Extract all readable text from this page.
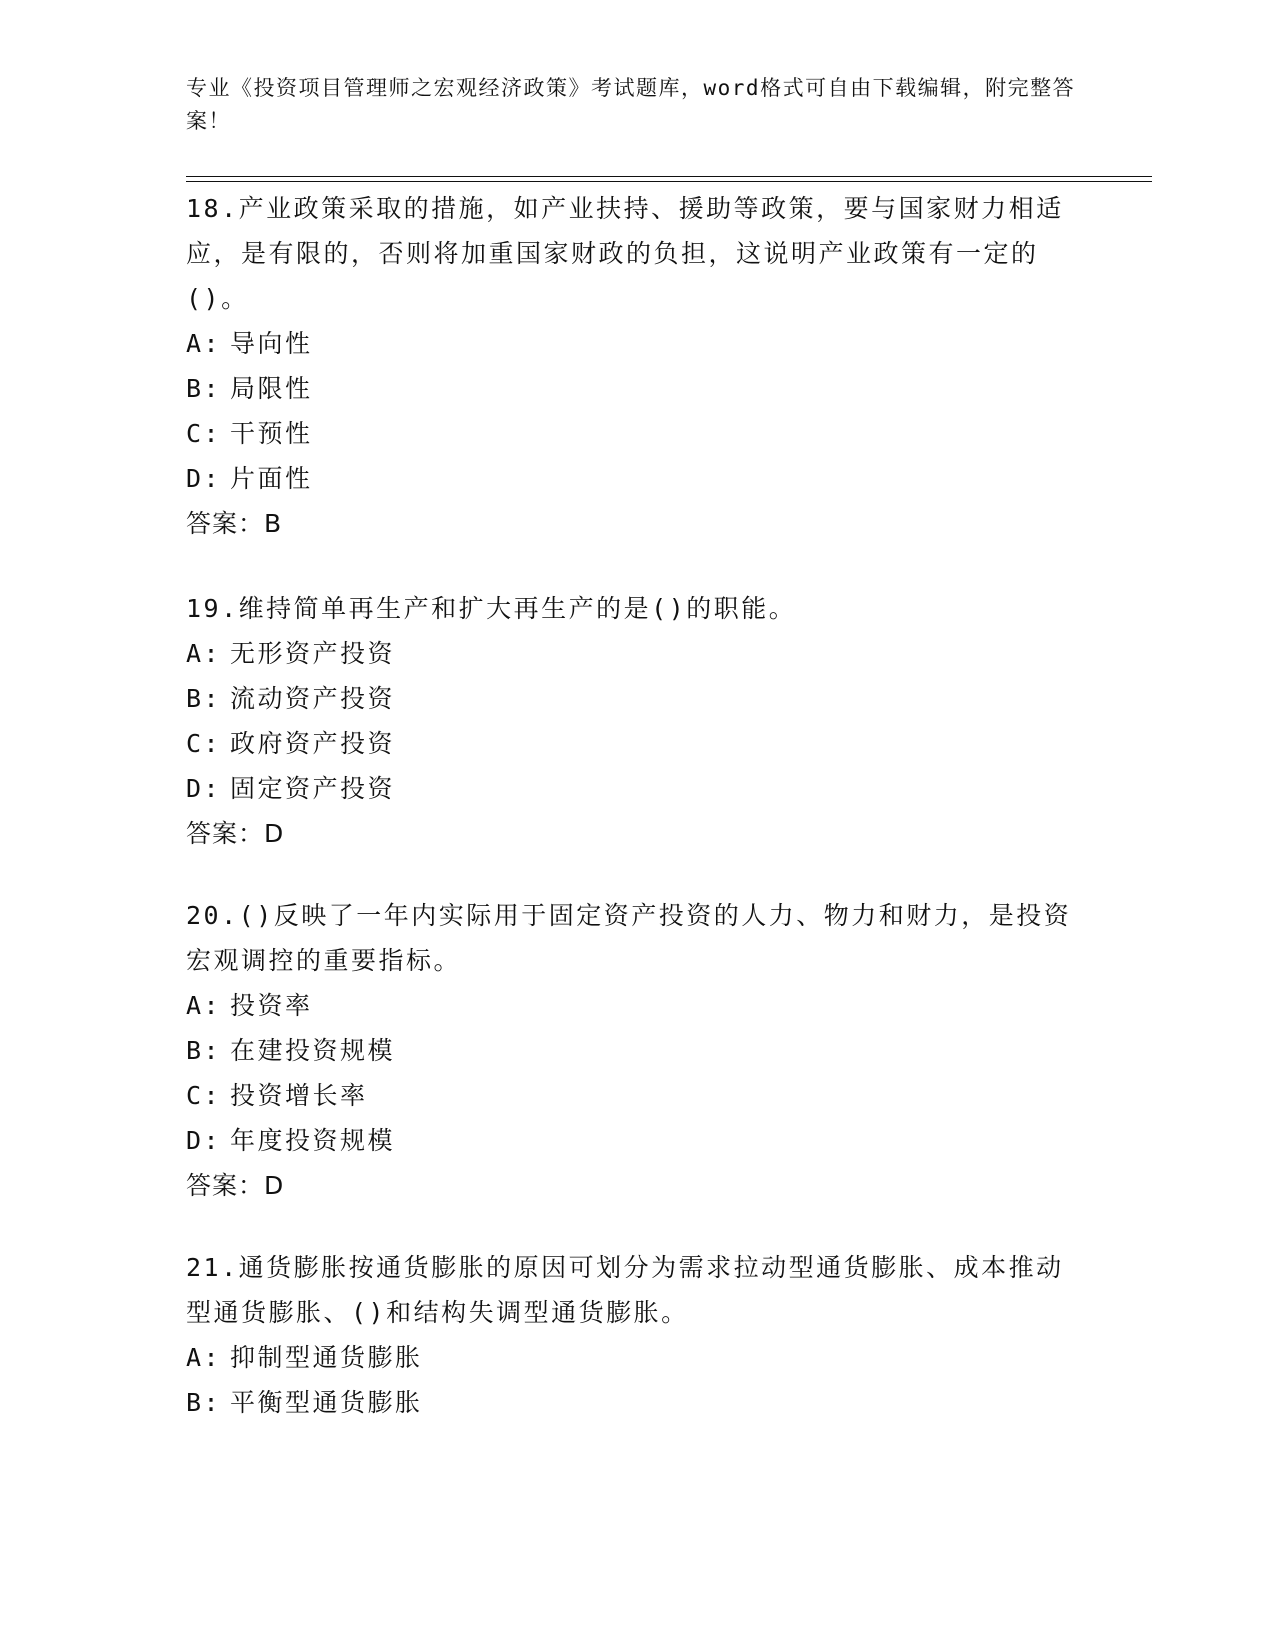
专业《投资项目管理师之宏观经济政策》考试题库，word格式可自由下载编辑，附完整答案！

18.产业政策采取的措施，如产业扶持、援助等政策，要与国家财力相适应，是有限的，否则将加重国家财政的负担，这说明产业政策有一定的()。

A: 导向性

B: 局限性

C: 干预性

D: 片面性

答案：B

19.维持简单再生产和扩大再生产的是()的职能。

A: 无形资产投资

B: 流动资产投资

C: 政府资产投资

D: 固定资产投资

答案：D

20.()反映了一年内实际用于固定资产投资的人力、物力和财力，是投资宏观调控的重要指标。

A: 投资率

B: 在建投资规模

C: 投资增长率

D: 年度投资规模

答案：D

21.通货膨胀按通货膨胀的原因可划分为需求拉动型通货膨胀、成本推动型通货膨胀、()和结构失调型通货膨胀。

A: 抑制型通货膨胀

B: 平衡型通货膨胀
